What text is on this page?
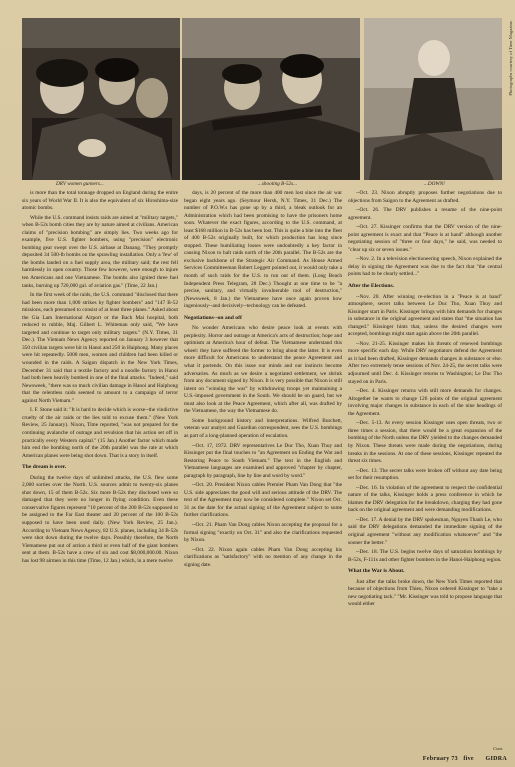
DRV women gunners...	...shooting B-52s...	...DOWN!
Photographs courtesy of Time Magazine.

is more than the total tonnage dropped on England during the entire six years of World War II. It is also the equivalent of six Hiroshima-size atomic bombs.

While the U.S. command insists raids are aimed at "military targets," when B-52s bomb cities they are by nature aimed at civilians. American claims of "precision bombing" are simply lies. Two weeks ago for example, five U.S. fighter bombers, using "precision" electronic bombing gear swept over the U.S. airbase at Danang. "They promptly deposited 34 500-lb bombs on the sprawling installation. Only a 'few' of the bombs landed on a fuel supply area, the military said; the rest fell harmlessly in open country. Those few however, were enough to injure ten Americans and one Vietnamese. The bombs also ignited three fuel tanks, burning up 720,000 gal. of aviation gas." (Time, 22 Jan.)

In the first week of the raids, the U.S. command "disclosed that there had been more than 1,000 strikes by fighter bombers" and "147 B-52 missions, each presumed to consist of at least three planes." Asked about the Gia Lam International Airport or the Bach Mai hospital, both reduced to rubble, Maj. Gilbert L. Whiteman only said, "We have targeted and continue to target only military targets." (N.Y. Times, 31 Dec.). The Vietnam News Agency reported on January 3 however that 350 civilian targets were hit in Hanoi and 250 in Haiphong. Many places were hit repeatedly. 5000 men, women and children had been killed or wounded in the raids. A Saigon dispatch in the New York Times, December 31 said that a textile factory and a noodle factory in Hanoi had both been heavily bombed in one of the final attacks. "Indeed," said Newsweek, "there was so much civilian damage in Hanoi and Haiphong that the relentless raids seemed to amount to a campaign of terror against North Vietnam."

I. F. Stone said it: "It is hard to decide which is worse--the vindictive cruelty of the air raids or the lies told to excuse them." (New York Review, 25 January). Nixon, Time reported, "was not prepared for the continuing avalanche of outrage and revulsion that his action set off in practically every Western capital." (15 Jan.) Another factor which made him end the bombing north of the 20th parallel was the rate at which American planes were being shot down. That is a story in itself.

The dream is over.

During the twelve days of unlimited attacks, the U.S. flew some 2,000 sorties over the North. U.S. sources admit to twenty-six planes shot down, 15 of them B-52s. Six more B-52s they disclosed were so damaged that they were no longer in flying condition. Even these conservative figures represent "10 percent of the 200 B-52s supposed to be assigned to the Far East theater and 20 percent of the 100 B-52s supposed to have been used daily. (New York Review, 25 Jan.). According to Vietnam News Agency, 82 U.S. planes, including 34 B-52s were shot down during the twelve days. Possibly therefore, the North Vietnamese put out of action a third or even half of the giant bombers sent at them. B-52s have a crew of six and cost $8,000,000.00. Nixon has lost 98 airmen in this time (Time, 12 Jan.) which, in a mere twelve

days, is 20 percent of the more than 400 men lost since the air war began eight years ago. (Seymour Hersh, N.Y. Times, 31 Dec.) The number of P.O.W.s has gone up by a third, a bleak outlook for an Administration which had been promising to have the prisoners home soon. Whatever the exact figures, according to the U.S. command, at least $168 million in B-52s has been lost. This is quite a bite into the fleet of 400 B-52s originally built, for which production has long since stopped. These humiliating losses were undoubtedly a key factor in causing Nixon to halt raids north of the 20th parallel. The B-52s are the exclusive backbone of the Strategic Air Command. As House Armed Services Committeeman Robert Leggett pointed out, it would only take a month of such raids for the U.S. to run out of them. (Long Beach Independent Press Telegram, 28 Dec.) Thought at one time to be "a precise, sanitary, and virtually invulnerable tool of destruction," (Newsweek, 8 Jan.) the Vietnamese have once again proven how ingeniously--and decisively--technology can be defeated.

Negotiations--on and off

No wonder Americans who desire peace look at events with perplexity. Horror and outrage at America's acts of destruction; hope and optimism at America's hour of defeat. The Vietnamese understand this wheel: they have suffered the former to bring about the latter. It is even more difficult for Americans to understand the peace Agreement and what it portends. On this issue our minds and our instincts become adversaries. As much as we desire a negotiated settlement, we shrink from any document signed by Nixon. It is very possible that Nixon is still intent on "winning the war" by withdrawing troops yet maintaining a U.S.-imposed government in the South. We should be on guard, but we must also look at the Peace Agreement, which after all, was drafted by the Vietnamese, the way the Vietnamese do.

Some background history and interpretations. Wilfred Burchett, veteran war analyst and Guardian correspondent, sees the U.S. bombings as part of a long-planned operation of escalation.

--Oct. 17, 1972. DRV representatives Le Duc Tho, Xuan Thuy and Kissinger put the final touches to "an Agreement on Ending the War and Restoring Peace to South Vietnam." The text in the English and Vietnamese languages are examined and approved "chapter by chapter, paragraph by paragraph, line by line and word by word."

--Oct. 20. President Nixon cables Premier Pham Van Dong that "the U.S. side appreciates the good will and serious attitude of the DRV. The text of the Agreement may now be considered complete." Nixon set Oct. 31 as the date for the actual signing of the Agreement subject to some further clarifications.

--Oct. 21. Pham Van Dong cables Nixon accepting the proposal for a formal signing "exactly on Oct. 31" and also the clarifications requested by Nixon.

--Oct. 22. Nixon again cables Pham Van Dong accepting his clarifications as "satisfactory" with no mention of any change in the signing date.

--Oct. 23. Nixon abruptly proposes further negotiations due to objections from Saigon to the Agreement as drafted.

--Oct. 26. The DRV publishes a resume of the nine-point agreement.

--Oct. 27. Kissinger confirms that the DRV version of the nine-point agreement is exact and that "Peace is at hand" although another negotiating session of "three or four days," he said, was needed to "clear up six or seven issues."

--Nov. 2. In a television electioneering speech, Nixon explained the delay in signing the Agreement was due to the fact that "the central points had to be clearly settled..."

After the Elections.

--Nov. 20. After winning re-election in a "Peace is at hand" atmosphere, secret talks between Le Duc Tho, Xuan Thuy and Kissinger start in Paris. Kissinger brings with him demands for changes in substance in the original agreement and states that "the situation has changed." Kissinger hints that, unless the desired changes were accepted, bombings might start again above the 20th parallel.

--Nov. 21-25. Kissinger makes his threats of renewed bombings more specific each day. While DRV negotiators defend the Agreement as it had been drafted, Kissinger demands changes in substance or else. After two extremely tense sessions of Nov. 24-25, the secret talks were adjourned until Dec. 4. Kissinger returns to Washington; Le Duc Tho stayed on in Paris.

--Dec. 4. Kissinger returns with still more demands for changes. Altogether he wants to change 126 points of the original agreement involving major changes in substance in each of the nine headings of the Agreement.

--Dec. 5-13. At every session Kissinger uses open threats, two or three times a session, that there would be a great expansion of the bombing of the North unless the DRV yielded to the changes demanded by Nixon. These threats were made during the negotiations, during breaks in the sessions. At one of these sessions, Kissinger repeated the threat six times.

--Dec. 13. The secret talks were broken off without any date being set for their resumption.

--Dec. 16. In violation of the agreement to respect the confidential nature of the talks, Kissinger holds a press conference in which he blames the DRV delegation for the breakdown, charging they had gone back on the original agreement and were demanding modifications.

--Dec. 17. A denial by the DRV spokesman, Nguyen Thanh Le, who said the DRV delegations demanded the immediate signing of the original agreement "without any modification whatsoever" and "the sooner the better."

--Dec. 18. The U.S. begins twelve days of saturation bombings by B-52s, F-111s and other fighter bombers in the Hanoi-Haiphong region.

What the War is About.

Just after the talks broke down, the New York Times reported that because of objections from Thieu, Nixon ordered Kissinger to "take a new negotiating tack." "Mr. Kissinger was told to propose language that would either

Cont.
February 73   five GIDRA
